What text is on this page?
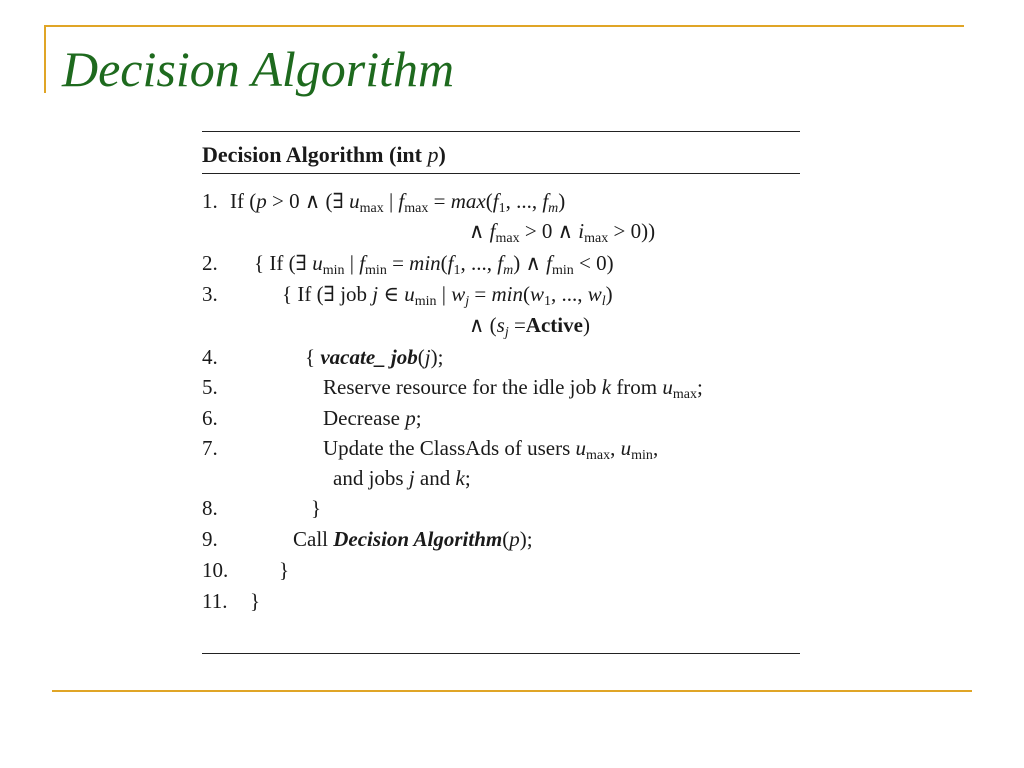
Decision Algorithm
Decision Algorithm (int p)
1. If (p > 0 ∧ (∃ $u_{max}$ | $f_{max} = \max(f_1$, ..., $f_m$)
∧ $f_{max} > 0$ ∧ $i_{max} > 0$))
2. { If (∃ $u_{min}$ | $f_{min} = \min(f_1$, ..., $f_m$) ∧ $f_{min} < 0$)
3.	{ If (∃ job j ∈ $u_{min}$ | $w_j = \min(w_1$, ..., $w_l$)
∧ ($s_j$ =Active)
4.	{ vacate_ job(j);
5.	Reserve resource for the idle job k from $u_{max}$;
6.	Decrease p;
7.	Update the ClassAds of users $u_{max}$, $u_{min}$,
and jobs j and k;
8.	}
9.	Call Decision Algorithm(p);
10. }
11. }
